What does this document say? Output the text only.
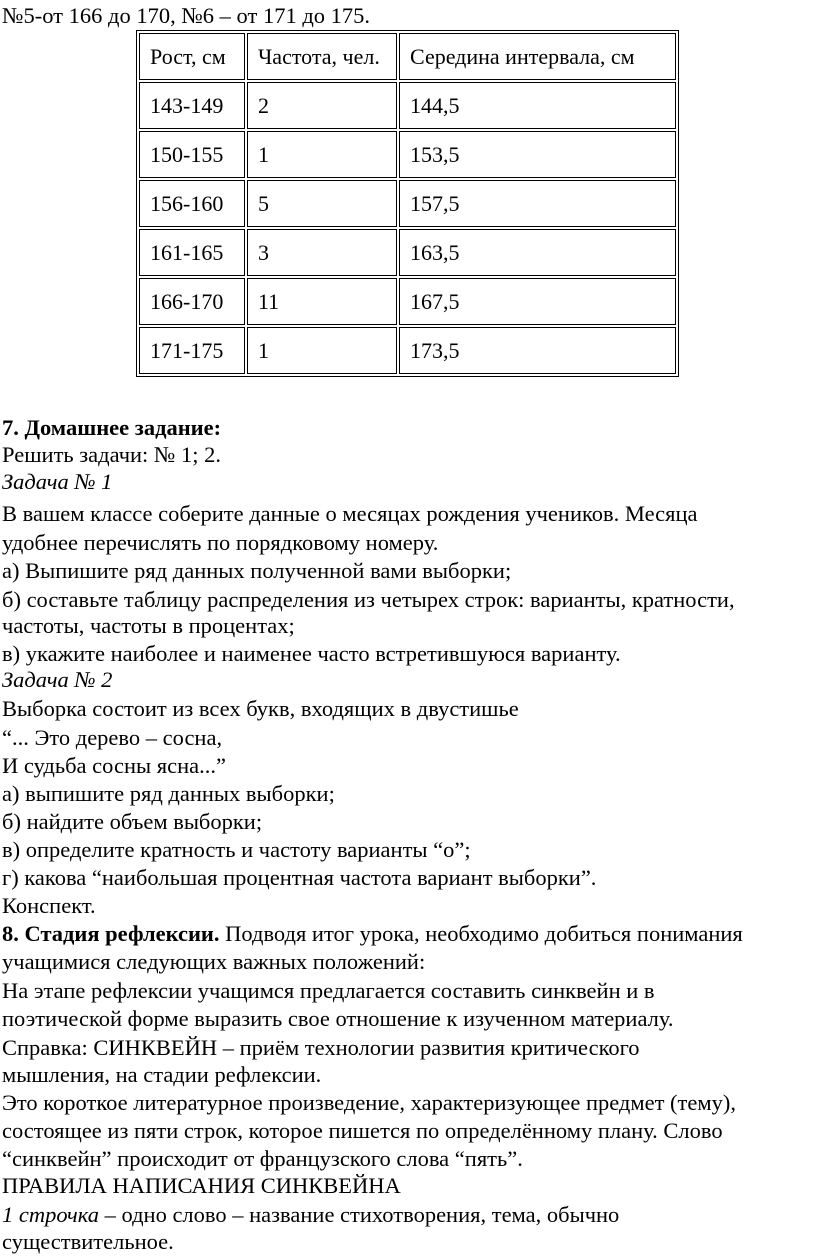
№5-от 166 до 170, №6 – от 171 до 175.
Рост, см	Частота, чел.	Середина интервала, см
143-149	2	144,5
150-155	1	153,5
156-160	5	157,5
161-165	3	163,5
166-170	11	167,5
171-175	1	173,5
7. Домашнее задание:
Решить задачи: № 1; 2.
Задача № 1
В вашем классе соберите данные о месяцах рождения учеников. Месяца
удобнее перечислять по порядковому номеру.
а) Выпишите ряд данных полученной вами выборки;
б) составьте таблицу распределения из четырех строк: варианты, кратности,
частоты, частоты в процентах;
в) укажите наиболее и наименее часто встретившуюся варианту.
Задача № 2
Выборка состоит из всех букв, входящих в двустишье
“... Это дерево – сосна,
И судьба сосны ясна...”
а) выпишите ряд данных выборки;
б) найдите объем выборки;
в) определите кратность и частоту варианты “о”;
г) какова “наибольшая процентная частота вариант выборки”.
Конспект.
8. Стадия рефлексии. Подводя итог урока, необходимо добиться понимания
учащимися следующих важных положений:
На этапе рефлексии учащимся предлагается составить синквейн и в
поэтической форме выразить свое отношение к изученном материалу.
Справка: СИНКВЕЙН – приём технологии развития критического
мышления, на стадии рефлексии.
Это короткое литературное произведение, характеризующее предмет (тему),
состоящее из пяти строк, которое пишется по определённому плану. Слово
“синквейн” происходит от французского слова “пять”.
ПРАВИЛА НАПИСАНИЯ СИНКВЕЙНА
1 строчка – одно слово – название стихотворения, тема, обычно
существительное.
